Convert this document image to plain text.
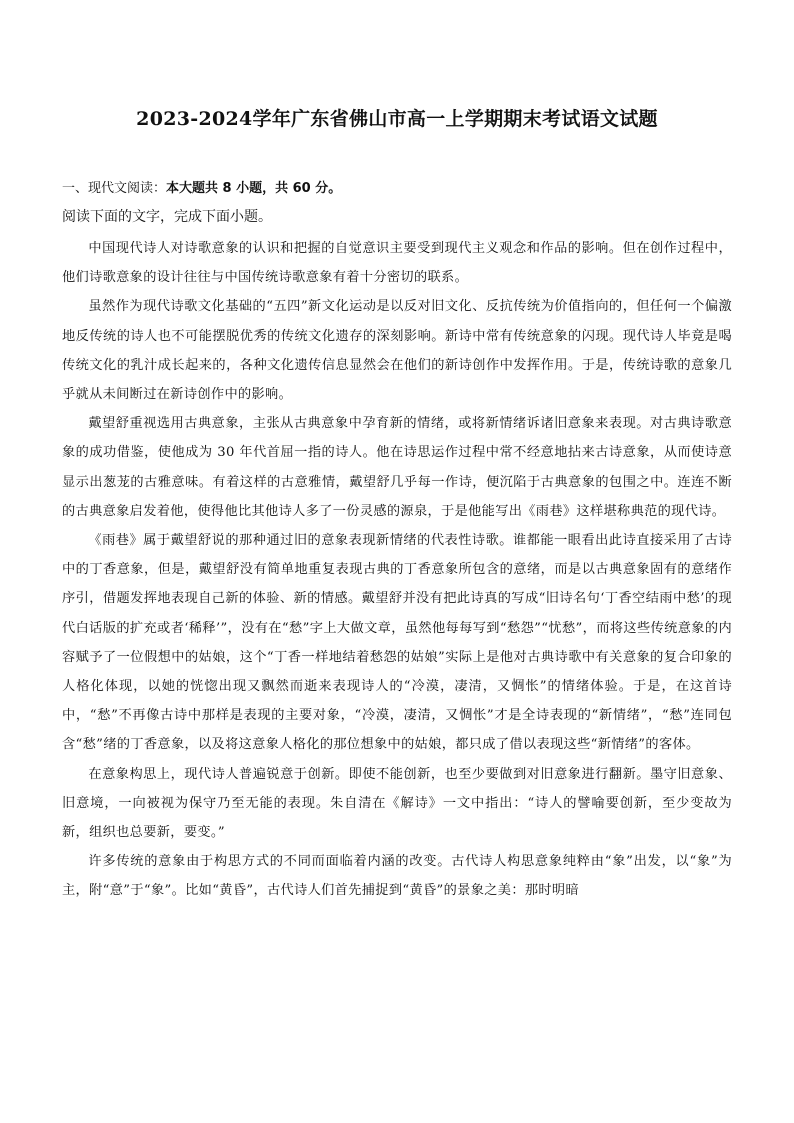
2023-2024学年广东省佛山市高一上学期期末考试语文试题

一、现代文阅读：本大题共 8 小题，共 60 分。

阅读下面的文字，完成下面小题。

中国现代诗人对诗歌意象的认识和把握的自觉意识主要受到现代主义观念和作品的影响。但在创作过程中，他们诗歌意象的设计往往与中国传统诗歌意象有着十分密切的联系。

虽然作为现代诗歌文化基础的“五四”新文化运动是以反对旧文化、反抗传统为价值指向的，但任何一个偏激地反传统的诗人也不可能摆脱优秀的传统文化遗存的深刻影响。新诗中常有传统意象的闪现。现代诗人毕竟是喝传统文化的乳汁成长起来的，各种文化遗传信息显然会在他们的新诗创作中发挥作用。于是，传统诗歌的意象几乎就从未间断过在新诗创作中的影响。

戴望舒重视选用古典意象，主张从古典意象中孕育新的情绪，或将新情绪诉诸旧意象来表现。对古典诗歌意象的成功借鉴，使他成为 30 年代首屈一指的诗人。他在诗思运作过程中常不经意地拈来古诗意象，从而使诗意显示出葱茏的古雅意味。有着这样的古意雅情，戴望舒几乎每一作诗，便沉陷于古典意象的包围之中。连连不断的古典意象启发着他，使得他比其他诗人多了一份灵感的源泉，于是他能写出《雨巷》这样堪称典范的现代诗。

《雨巷》属于戴望舒说的那种通过旧的意象表现新情绪的代表性诗歌。谁都能一眼看出此诗直接采用了古诗中的丁香意象，但是，戴望舒没有简单地重复表现古典的丁香意象所包含的意绪，而是以古典意象固有的意绪作序引，借题发挥地表现自己新的体验、新的情感。戴望舒并没有把此诗真的写成“旧诗名句‘丁香空结雨中愁’的现代白话版的扩充或者‘稀释’”，没有在“愁”字上大做文章，虽然他每每写到“愁怨”“忧愁”，而将这些传统意象的内容赋予了一位假想中的姑娘，这个“丁香一样地结着愁怨的姑娘”实际上是他对古典诗歌中有关意象的复合印象的人格化体现，以她的恍惚出现又飘然而逝来表现诗人的“冷漠，凄清，又惆怅”的情绪体验。于是，在这首诗中，“愁”不再像古诗中那样是表现的主要对象，“冷漠，凄清，又惆怅”才是全诗表现的“新情绪”，“愁”连同包含“愁”绪的丁香意象，以及将这意象人格化的那位想象中的姑娘，都只成了借以表现这些“新情绪”的客体。

在意象构思上，现代诗人普遍锐意于创新。即使不能创新，也至少要做到对旧意象进行翻新。墨守旧意象、旧意境，一向被视为保守乃至无能的表现。朱自清在《解诗》一文中指出：“诗人的譬喻要创新，至少变故为新，组织也总要新，要变。”

许多传统的意象由于构思方式的不同而面临着内涵的改变。古代诗人构思意象纯粹由“象”出发，以“象”为主，附“意”于“象”。比如“黄昏”，古代诗人们首先捕捉到“黄昏”的景象之美：那时明暗
